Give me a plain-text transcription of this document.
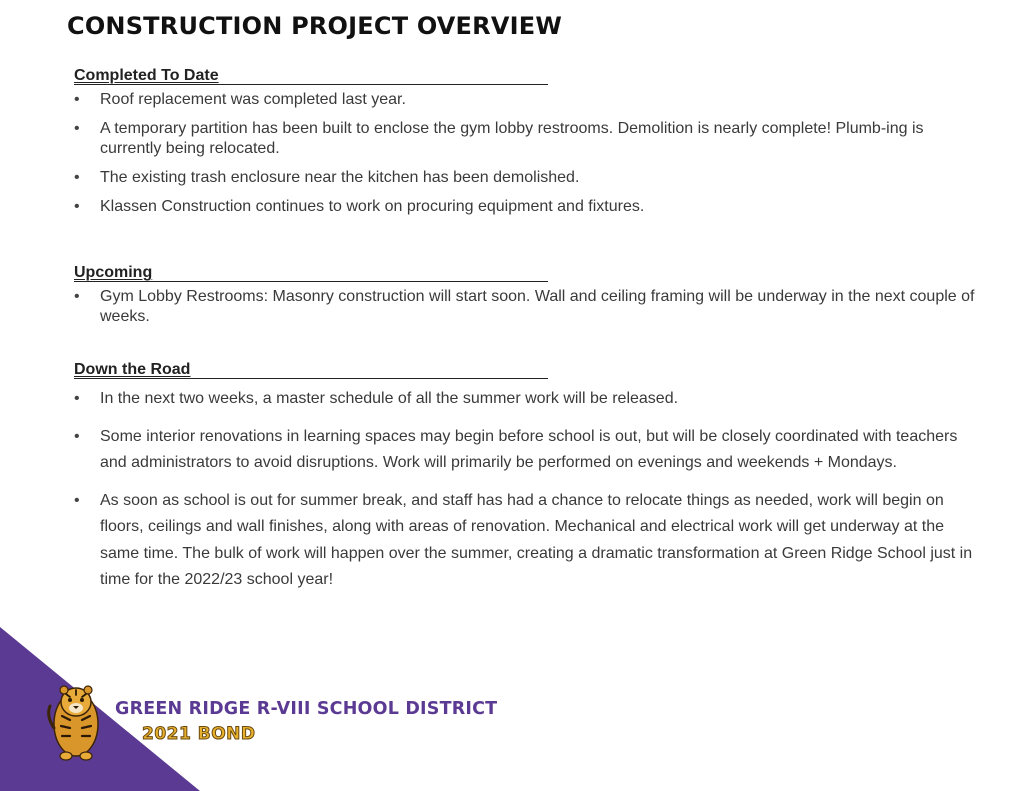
CONSTRUCTION PROJECT OVERVIEW
Completed To Date
• Roof replacement was completed last year.
• A temporary partition has been built to enclose the gym lobby restrooms. Demolition is nearly complete! Plumb-ing is currently being relocated.
• The existing trash enclosure near the kitchen has been demolished.
• Klassen Construction continues to work on procuring equipment and fixtures.
Upcoming
• Gym Lobby Restrooms: Masonry construction will start soon. Wall and ceiling framing will be underway in the next couple of weeks.
Down the Road
• In the next two weeks, a master schedule of all the summer work will be released.
• Some interior renovations in learning spaces may begin before school is out, but will be closely coordinated with teachers and administrators to avoid disruptions. Work will primarily be performed on evenings and weekends + Mondays.
• As soon as school is out for summer break, and staff has had a chance to relocate things as needed, work will begin on floors, ceilings and wall finishes, along with areas of renovation. Mechanical and electrical work will get underway at the same time. The bulk of work will happen over the summer, creating a dramatic transformation at Green Ridge School just in time for the 2022/23 school year!
GREEN RIDGE R-VIII SCHOOL DISTRICT
2021 BOND
